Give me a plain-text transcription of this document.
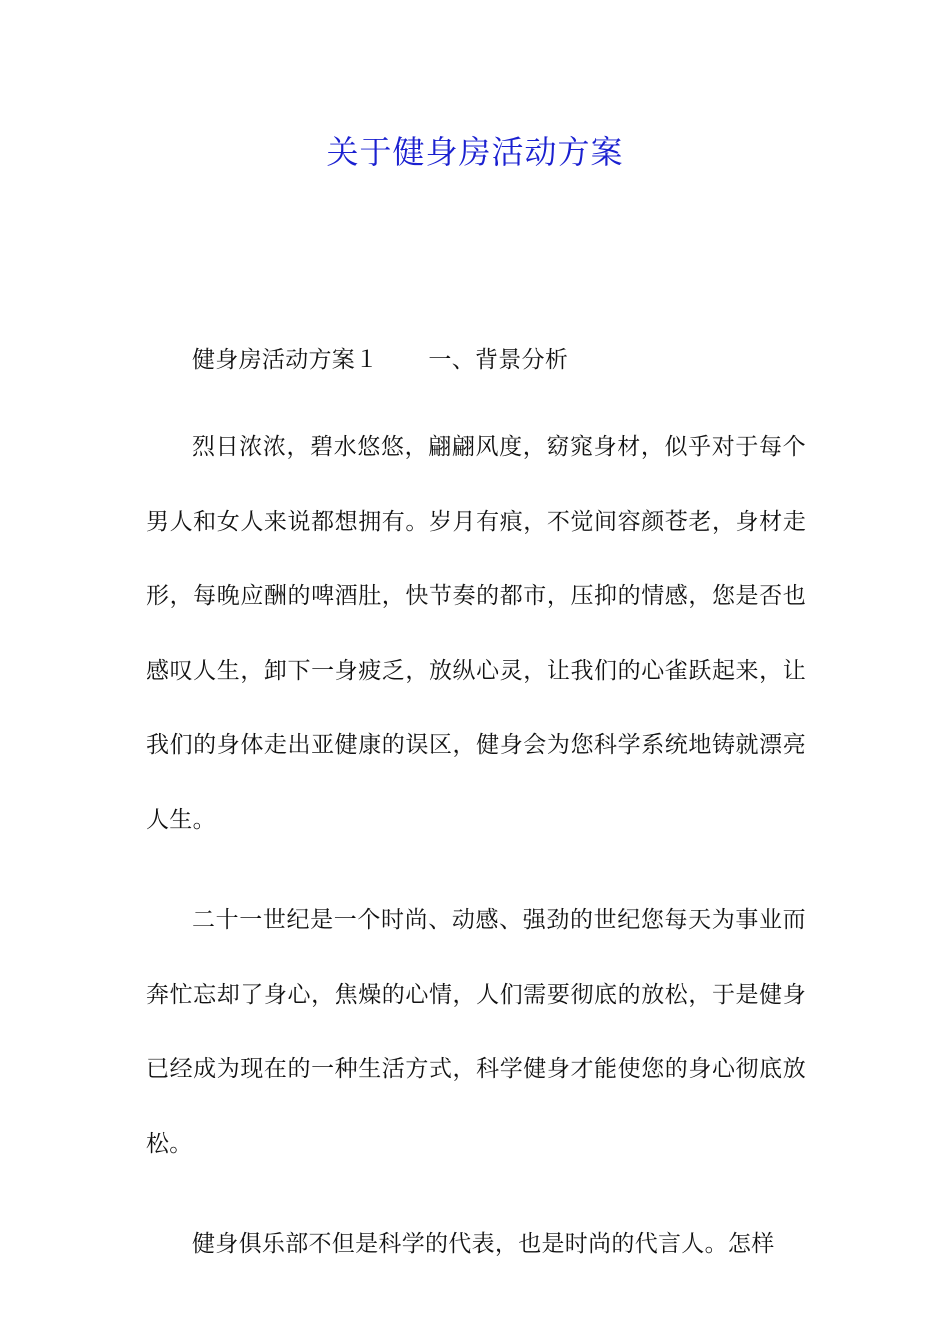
关于健身房活动方案

健身房活动方案１ 一、背景分析

烈日浓浓，碧水悠悠，翩翩风度，窈窕身材，似乎对于每个男人和女人来说都想拥有。岁月有痕，不觉间容颜苍老，身材走形，每晚应酬的啤酒肚，快节奏的都市，压抑的情感，您是否也感叹人生，卸下一身疲乏，放纵心灵，让我们的心雀跃起来，让我们的身体走出亚健康的误区，健身会为您科学系统地铸就漂亮人生。

二十一世纪是一个时尚、动感、强劲的世纪您每天为事业而奔忙忘却了身心，焦燥的心情，人们需要彻底的放松，于是健身已经成为现在的一种生活方式，科学健身才能使您的身心彻底放松。

健身俱乐部不但是科学的代表，也是时尚的代言人。怎样
